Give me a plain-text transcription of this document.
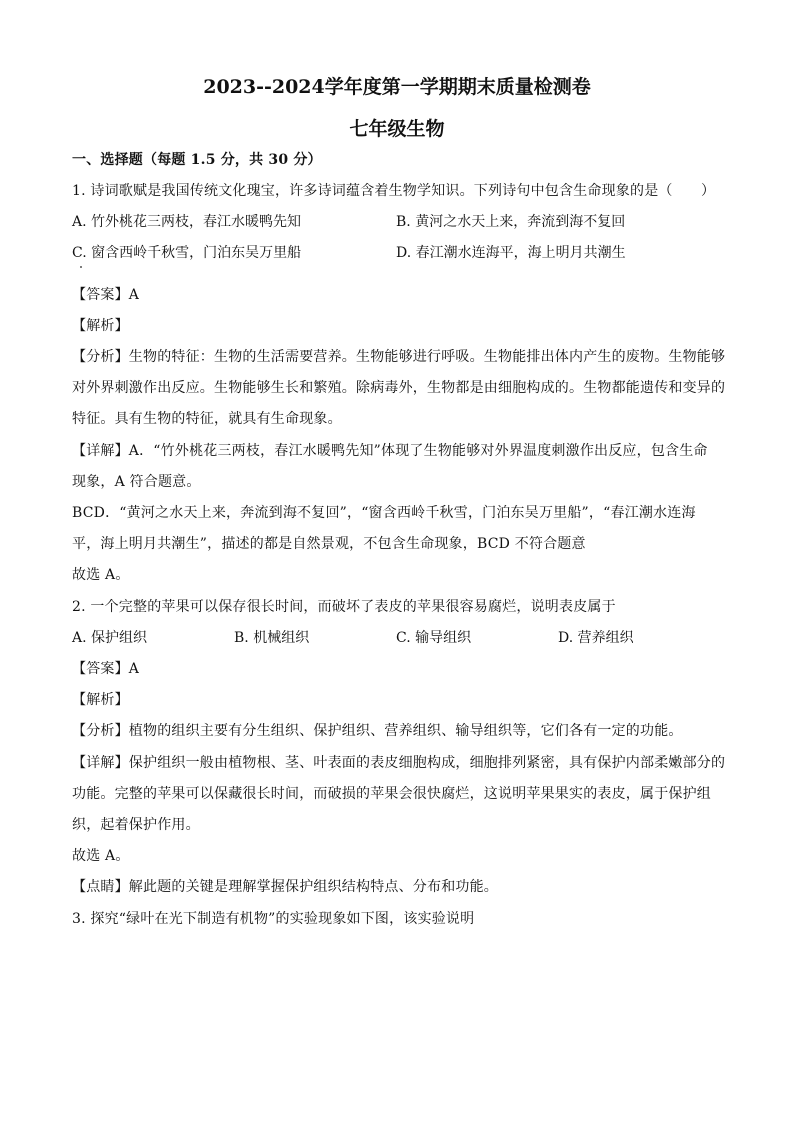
2023--2024学年度第一学期期末质量检测卷
七年级生物
一、选择题（每题 1.5 分，共 30 分）
1. 诗词歌赋是我国传统文化瑰宝，许多诗词蕴含着生物学知识。下列诗句中包含生命现象的是（　　）
A. 竹外桃花三两枝，春江水暖鸭先知	B. 黄河之水天上来，奔流到海不复回
C. 窗含西岭千秋雪，门泊东吴万里船	D. 春江潮水连海平，海上明月共潮生
【答案】A
【解析】
【分析】生物的特征：生物的生活需要营养。生物能够进行呼吸。生物能排出体内产生的废物。生物能够
对外界刺激作出反应。生物能够生长和繁殖。除病毒外，生物都是由细胞构成的。生物都能遗传和变异的
特征。具有生物的特征，就具有生命现象。
【详解】A．“竹外桃花三两枝，春江水暖鸭先知”体现了生物能够对外界温度刺激作出反应，包含生命
现象，A 符合题意。
BCD．“黄河之水天上来，奔流到海不复回”，“窗含西岭千秋雪，门泊东吴万里船”，“春江潮水连海
平，海上明月共潮生”，描述的都是自然景观，不包含生命现象，BCD 不符合题意
故选 A。
2. 一个完整的苹果可以保存很长时间，而破坏了表皮的苹果很容易腐烂，说明表皮属于
A. 保护组织	B. 机械组织	C. 输导组织	D. 营养组织
【答案】A
【解析】
【分析】植物的组织主要有分生组织、保护组织、营养组织、输导组织等，它们各有一定的功能。
【详解】保护组织一般由植物根、茎、叶表面的表皮细胞构成，细胞排列紧密，具有保护内部柔嫩部分的
功能。完整的苹果可以保藏很长时间，而破损的苹果会很快腐烂，这说明苹果果实的表皮，属于保护组
织，起着保护作用。
故选 A。
【点睛】解此题的关键是理解掌握保护组织结构特点、分布和功能。
3. 探究“绿叶在光下制造有机物”的实验现象如下图，该实验说明
